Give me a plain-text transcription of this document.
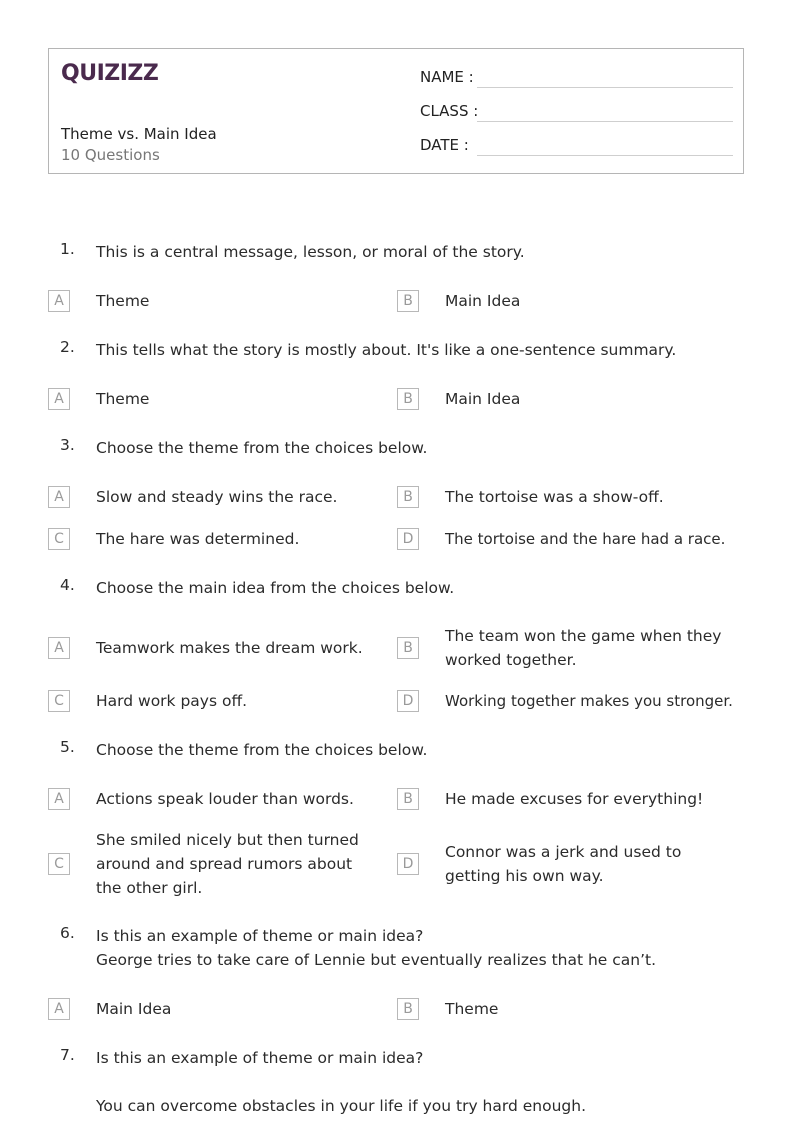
QUIZIZZ
Theme vs. Main Idea
10 Questions
NAME :
CLASS :
DATE :
1. This is a central message, lesson, or moral of the story.
A	Theme	B	Main Idea
2. This tells what the story is mostly about. It's like a one-sentence summary.
A	Theme	B	Main Idea
3. Choose the theme from the choices below.
A	Slow and steady wins the race.	B	The tortoise was a show-off.
C	The hare was determined.	D	The tortoise and the hare had a race.
4. Choose the main idea from the choices below.
A	Teamwork makes the dream work.	B
The team won the game when they worked together.
C	Hard work pays off.	D	Working together makes you stronger.
5. Choose the theme from the choices below.
A	Actions speak louder than words.	B	He made excuses for everything!
C
She smiled nicely but then turned around and spread rumors about the other girl.
D
Connor was a jerk and used to getting his own way.
6. Is this an example of theme or main idea?
George tries to take care of Lennie but eventually realizes that he can’t.
A	Main Idea	B	Theme
7. Is this an example of theme or main idea?
You can overcome obstacles in your life if you try hard enough.
